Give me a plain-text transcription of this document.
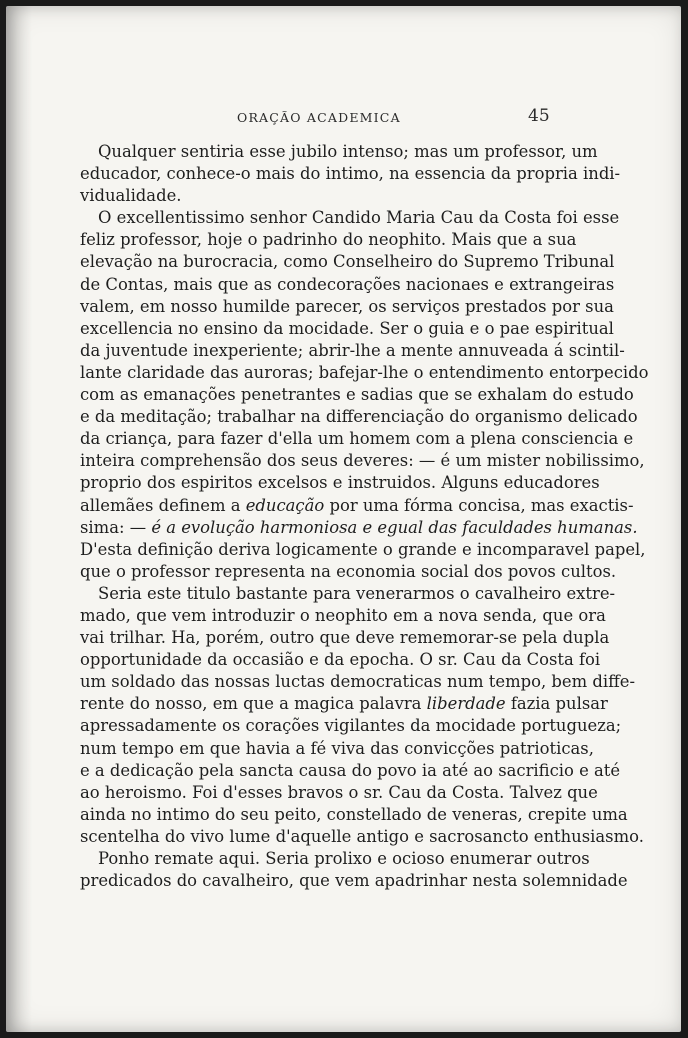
ORAÇÃO ACADEMICA	45
Qualquer sentiria esse jubilo intenso; mas um professor, um
educador, conhece-o mais do intimo, na essencia da propria indi-
vidualidade.
O excellentissimo senhor Candido Maria Cau da Costa foi esse
feliz professor, hoje o padrinho do neophito. Mais que a sua
elevação na burocracia, como Conselheiro do Supremo Tribunal
de Contas, mais que as condecorações nacionaes e extrangeiras
valem, em nosso humilde parecer, os serviços prestados por sua
excellencia no ensino da mocidade. Ser o guia e o pae espiritual
da juventude inexperiente; abrir-lhe a mente annuveada á scintil-
lante claridade das auroras; bafejar-lhe o entendimento entorpecido
com as emanações penetrantes e sadias que se exhalam do estudo
e da meditação; trabalhar na differenciação do organismo delicado
da criança, para fazer d'ella um homem com a plena consciencia e
inteira comprehensão dos seus deveres: — é um mister nobilissimo,
proprio dos espiritos excelsos e instruidos. Alguns educadores
allemães definem a educação por uma fórma concisa, mas exactis-
sima: — é a evolução harmoniosa e egual das faculdades humanas.
D'esta definição deriva logicamente o grande e incomparavel papel,
que o professor representa na economia social dos povos cultos.
Seria este titulo bastante para venerarmos o cavalheiro extre-
mado, que vem introduzir o neophito em a nova senda, que ora
vai trilhar. Ha, porém, outro que deve rememorar-se pela dupla
opportunidade da occasião e da epocha. O sr. Cau da Costa foi
um soldado das nossas luctas democraticas num tempo, bem diffe-
rente do nosso, em que a magica palavra liberdade fazia pulsar
apressadamente os corações vigilantes da mocidade portugueza;
num tempo em que havia a fé viva das convicções patrioticas,
e a dedicação pela sancta causa do povo ia até ao sacrificio e até
ao heroismo. Foi d'esses bravos o sr. Cau da Costa. Talvez que
ainda no intimo do seu peito, constellado de veneras, crepite uma
scentelha do vivo lume d'aquelle antigo e sacrosancto enthusiasmo.
Ponho remate aqui. Seria prolixo e ocioso enumerar outros
predicados do cavalheiro, que vem apadrinhar nesta solemnidade
